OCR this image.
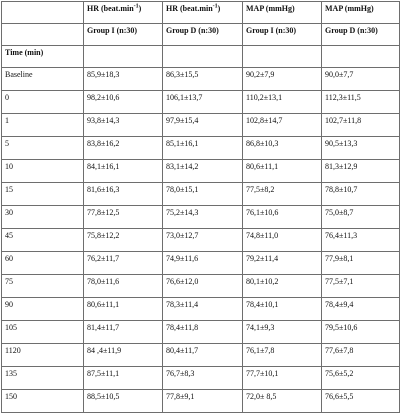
	HR $(beat.\min^{-1})$	HR $(beat.\min^{-1})$	MAP (mmHg)	MAP (mmHg)
	Group I (n:30)	Group D (n:30)	Group I (n:30)	Group D (n:30)
Time (min)				
Baseline	85,9±18,3	86,3±15,5	90,2±7,9	90,0±7,7
0	98,2±10,6	106,1±13,7	110,2±13,1	112,3±11,5
1	93,8±14,3	97,9±15,4	102,8±14,7	102,7±11,8
5	83,8±16,2	85,1±16,1	86,8±10,3	90,5±13,3
10	84,1±16,1	83,1±14,2	80,6±11,1	81,3±12,9
15	81,6±16,3	78,0±15,1	77,5±8,2	78,8±10,7
30	77,8±12,5	75,2±14,3	76,1±10,6	75,0±8,7
45	75,8±12,2	73,0±12,7	74,8±11,0	76,4±11,3
60	76,2±11,7	74,9±11,6	79,2±11,4	77,9±8,1
75	78,0±11,6	76,6±12,0	80,1±10,2	77,5±7,1
90	80,6±11,1	78,3±11,4	78,4±10,1	78,4±9,4
105	81,4±11,7	78,4±11,8	74,1±9,3	79,5±10,6
1120	84 ,4±11,9	80,4±11,7	76,1±7,8	77,6±7,8
135	87,5±11,1	76,7±8,3	77,7±10,1	75,6±5,2
150	88,5±10,5	77,8±9,1	72,0± 8,5	76,6±5,5
